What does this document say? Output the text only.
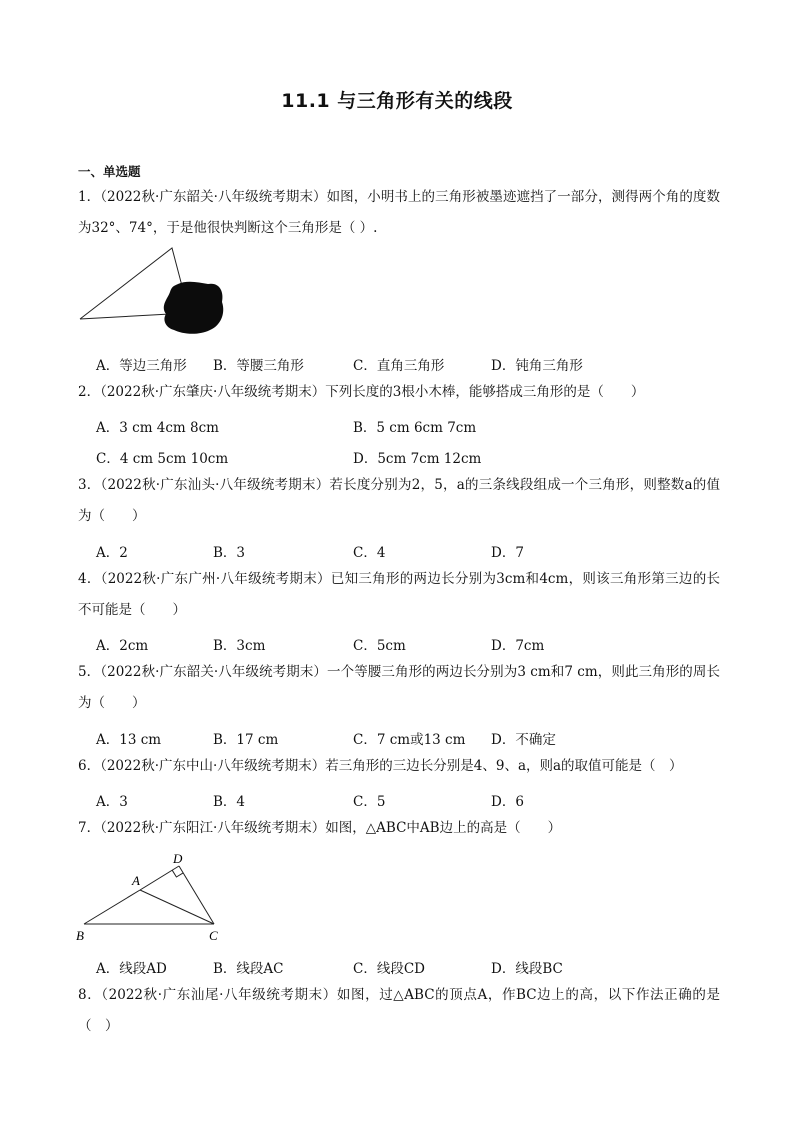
11.1 与三角形有关的线段
一、单选题
1．（2022秋·广东韶关·八年级统考期末）如图，小明书上的三角形被墨迹遮挡了一部分，测得两个角的度数为32°、74°，于是他很快判断这个三角形是（ ）.
A．等边三角形 B．等腰三角形	C．直角三角形	D．钝角三角形
2．（2022秋·广东肇庆·八年级统考期末）下列长度的3根小木棒，能够搭成三角形的是（　　）
A．3 cm 4cm 8cm	B．5 cm 6cm 7cm
C．4 cm 5cm 10cm	D．5cm 7cm 12cm
3．（2022秋·广东汕头·八年级统考期末）若长度分别为2，5，a的三条线段组成一个三角形，则整数a的值为（　　）
A．2	B．3	C．4	D．7
4．（2022秋·广东广州·八年级统考期末）已知三角形的两边长分别为3cm和4cm，则该三角形第三边的长不可能是（　　）
A．2cm	B．3cm	C．5cm	D．7cm
5．（2022秋·广东韶关·八年级统考期末）一个等腰三角形的两边长分别为3 cm和7 cm，则此三角形的周长为（　　）
A．13 cm	B．17 cm	C．7 cm或13 cm D．不确定
6．（2022秋·广东中山·八年级统考期末）若三角形的三边长分别是4、9、a，则a的取值可能是（　）
A．3	B．4	C．5	D．6
7．（2022秋·广东阳江·八年级统考期末）如图，△ABC中AB边上的高是（　　）
D
A
B	C
A．线段AD	B．线段AC	C．线段CD	D．线段BC
8．（2022秋·广东汕尾·八年级统考期末）如图，过△ABC的顶点A，作BC边上的高，以下作法正确的是（　）
